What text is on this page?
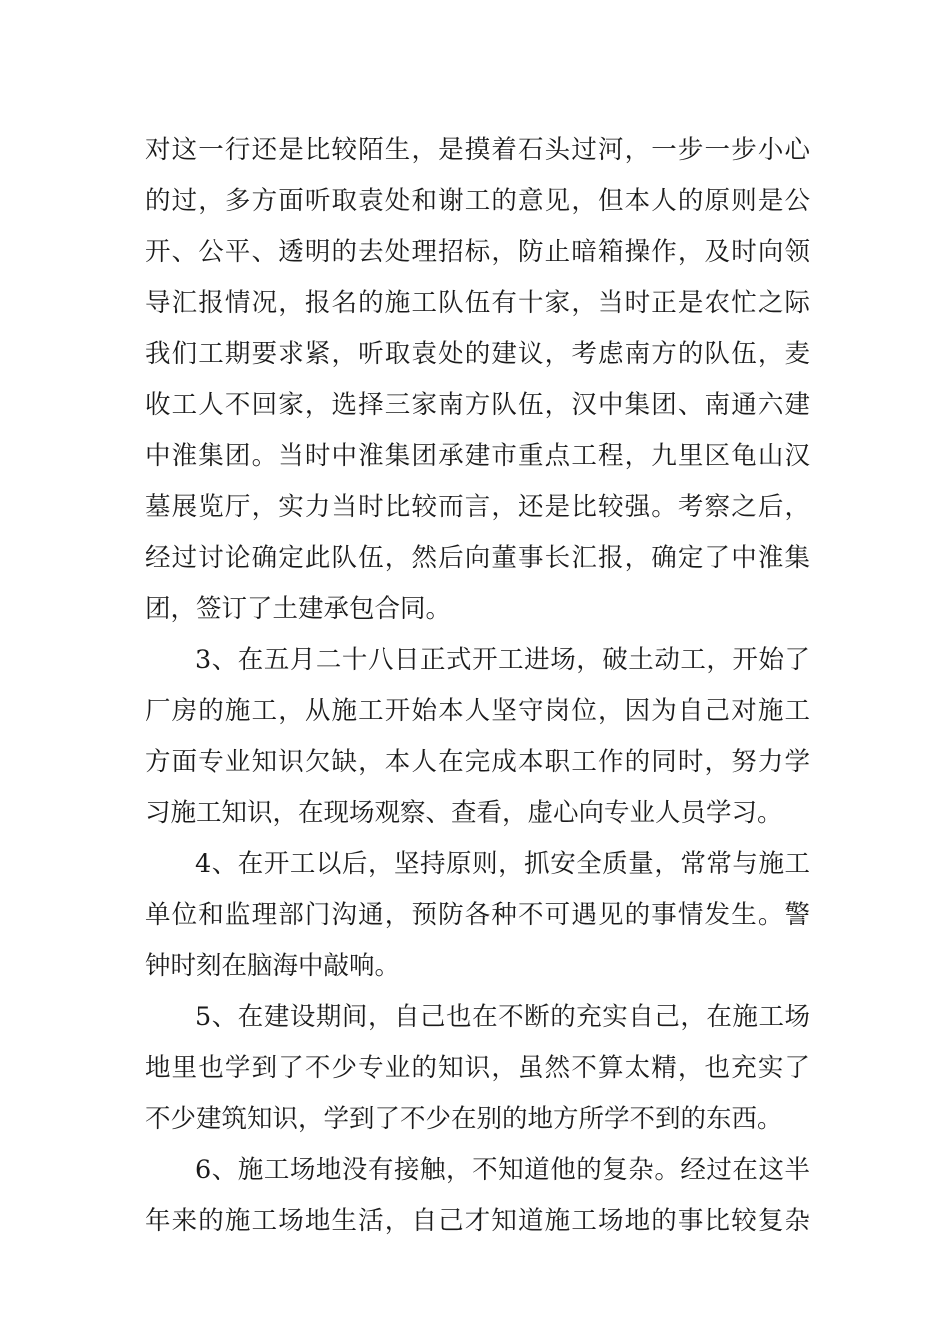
对这一行还是比较陌生，是摸着石头过河，一步一步小心
的过，多方面听取袁处和谢工的意见，但本人的原则是公
开、公平、透明的去处理招标，防止暗箱操作，及时向领
导汇报情况，报名的施工队伍有十家，当时正是农忙之际
我们工期要求紧，听取袁处的建议，考虑南方的队伍，麦
收工人不回家，选择三家南方队伍，汉中集团、南通六建
中淮集团。当时中淮集团承建市重点工程，九里区龟山汉
墓展览厅，实力当时比较而言，还是比较强。考察之后，
经过讨论确定此队伍，然后向董事长汇报，确定了中淮集
团，签订了土建承包合同。
3、在五月二十八日正式开工进场，破土动工，开始了
厂房的施工，从施工开始本人坚守岗位，因为自己对施工
方面专业知识欠缺，本人在完成本职工作的同时，努力学
习施工知识，在现场观察、查看，虚心向专业人员学习。
4、在开工以后，坚持原则，抓安全质量，常常与施工
单位和监理部门沟通，预防各种不可遇见的事情发生。警
钟时刻在脑海中敲响。
5、在建设期间，自己也在不断的充实自己，在施工场
地里也学到了不少专业的知识，虽然不算太精，也充实了
不少建筑知识，学到了不少在别的地方所学不到的东西。
6、施工场地没有接触，不知道他的复杂。经过在这半
年来的施工场地生活，自己才知道施工场地的事比较复杂
